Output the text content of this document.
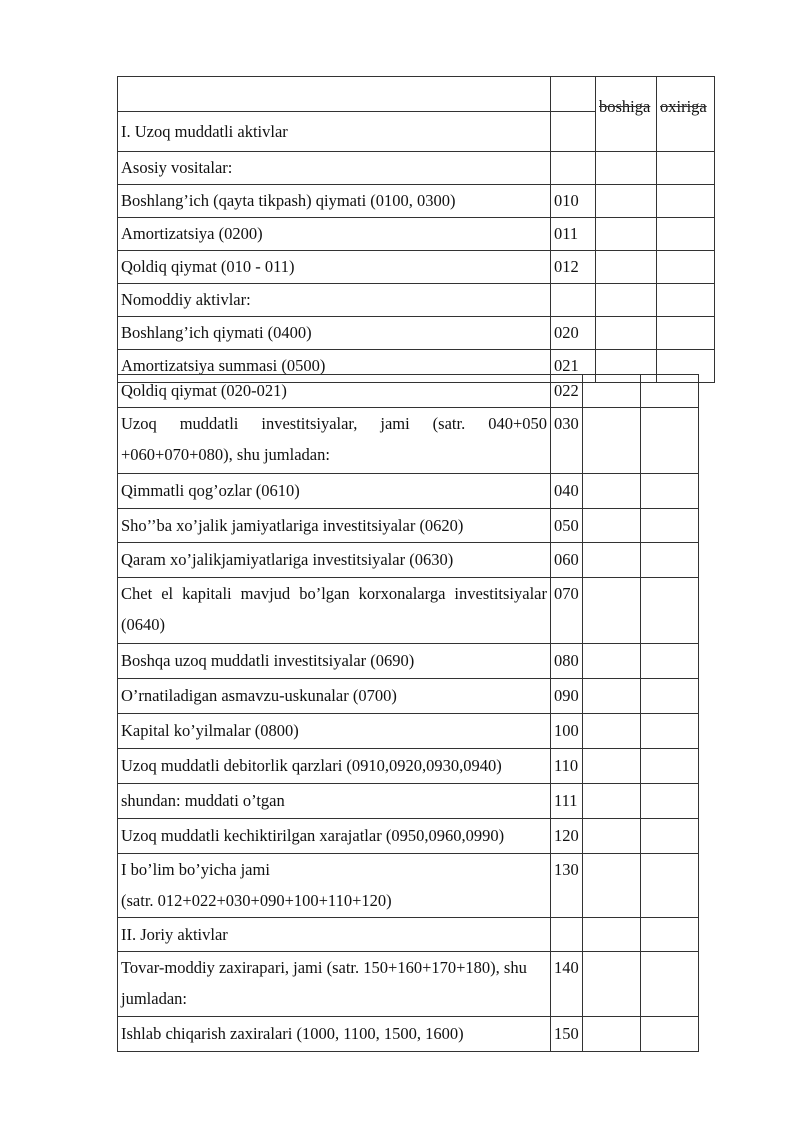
		boshiga	oxiriga
I. Uzoq muddatli aktivlar			
Asosiy vositalar:			
Boshlang’ich (qayta tikpash) qiymati (0100, 0300)	010		
Amortizatsiya (0200)	011		
Qoldiq qiymat (010 - 011)	012		
Nomoddiy aktivlar:			
Boshlang’ich qiymati (0400)	020		
Amortizatsiya summasi (0500)	021		
Qoldiq qiymat (020-021)	022		
Uzoq muddatli investitsiyalar, jami (satr. 040+050 +060+070+080), shu jumladan:	030		
Qimmatli qog’ozlar (0610)	040		
Sho’’ba xo’jalik jamiyatlariga investitsiyalar (0620)	050		
Qaram xo’jalikjamiyatlariga investitsiyalar (0630)	060		
Chet el kapitali mavjud bo’lgan korxonalarga investitsiyalar (0640)	070		
Boshqa uzoq muddatli investitsiyalar (0690)	080		
O’rnatiladigan asmavzu-uskunalar (0700)	090		
Kapital ko’yilmalar (0800)	100		
Uzoq muddatli debitorlik qarzlari (0910,0920,0930,0940)	110		
shundan: muddati o’tgan	111		
Uzoq muddatli kechiktirilgan xarajatlar (0950,0960,0990)	120		

I bo’lim bo’yicha jami
(satr. 012+022+030+090+100+110+120)	130		
II. Joriy aktivlar			
Tovar-moddiy zaxirapari, jami (satr. 150+160+170+180), shu jumladan:	140		
Ishlab chiqarish zaxiralari (1000, 1100, 1500, 1600)	150		
